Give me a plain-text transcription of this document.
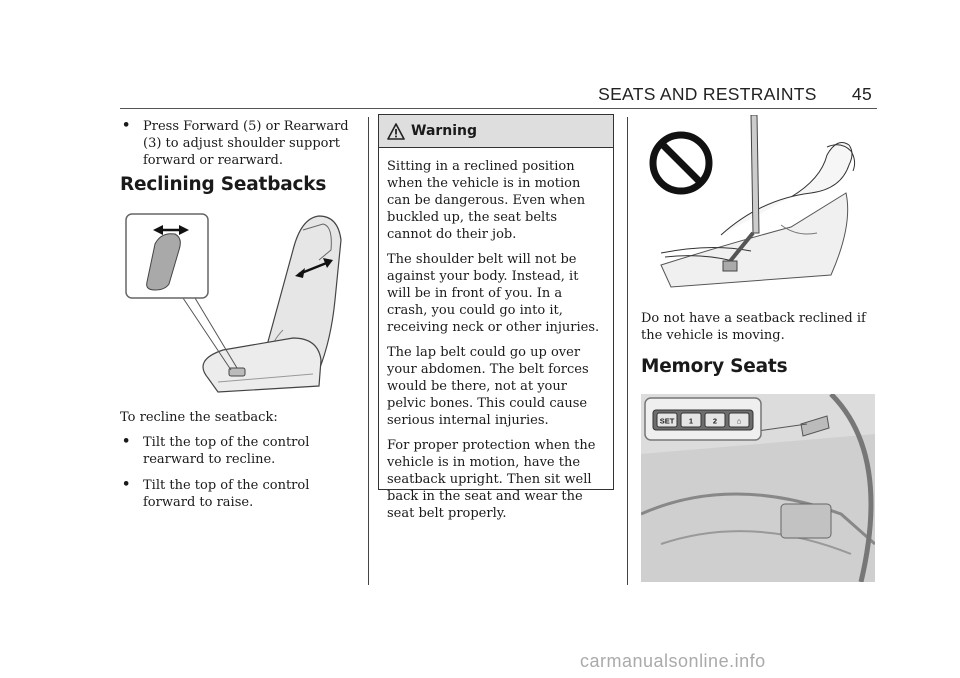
SEATS AND RESTRAINTS 45
• Press Forward (5) or Rearward (3) to adjust shoulder support forward or rearward.
Reclining Seatbacks

To recline the seatback:

• Tilt the top of the control rearward to recline.
• Tilt the top of the control forward to raise.
Warning

Sitting in a reclined position when the vehicle is in motion can be dangerous. Even when buckled up, the seat belts cannot do their job.

The shoulder belt will not be against your body. Instead, it will be in front of you. In a crash, you could go into it, receiving neck or other injuries.

The lap belt could go up over your abdomen. The belt forces would be there, not at your pelvic bones. This could cause serious internal injuries.

For proper protection when the vehicle is in motion, have the seatback upright. Then sit well back in the seat and wear the seat belt properly.

Do not have a seatback reclined if the vehicle is moving.

Memory Seats
SET 1	2	⌂
carmanualsonline.info
